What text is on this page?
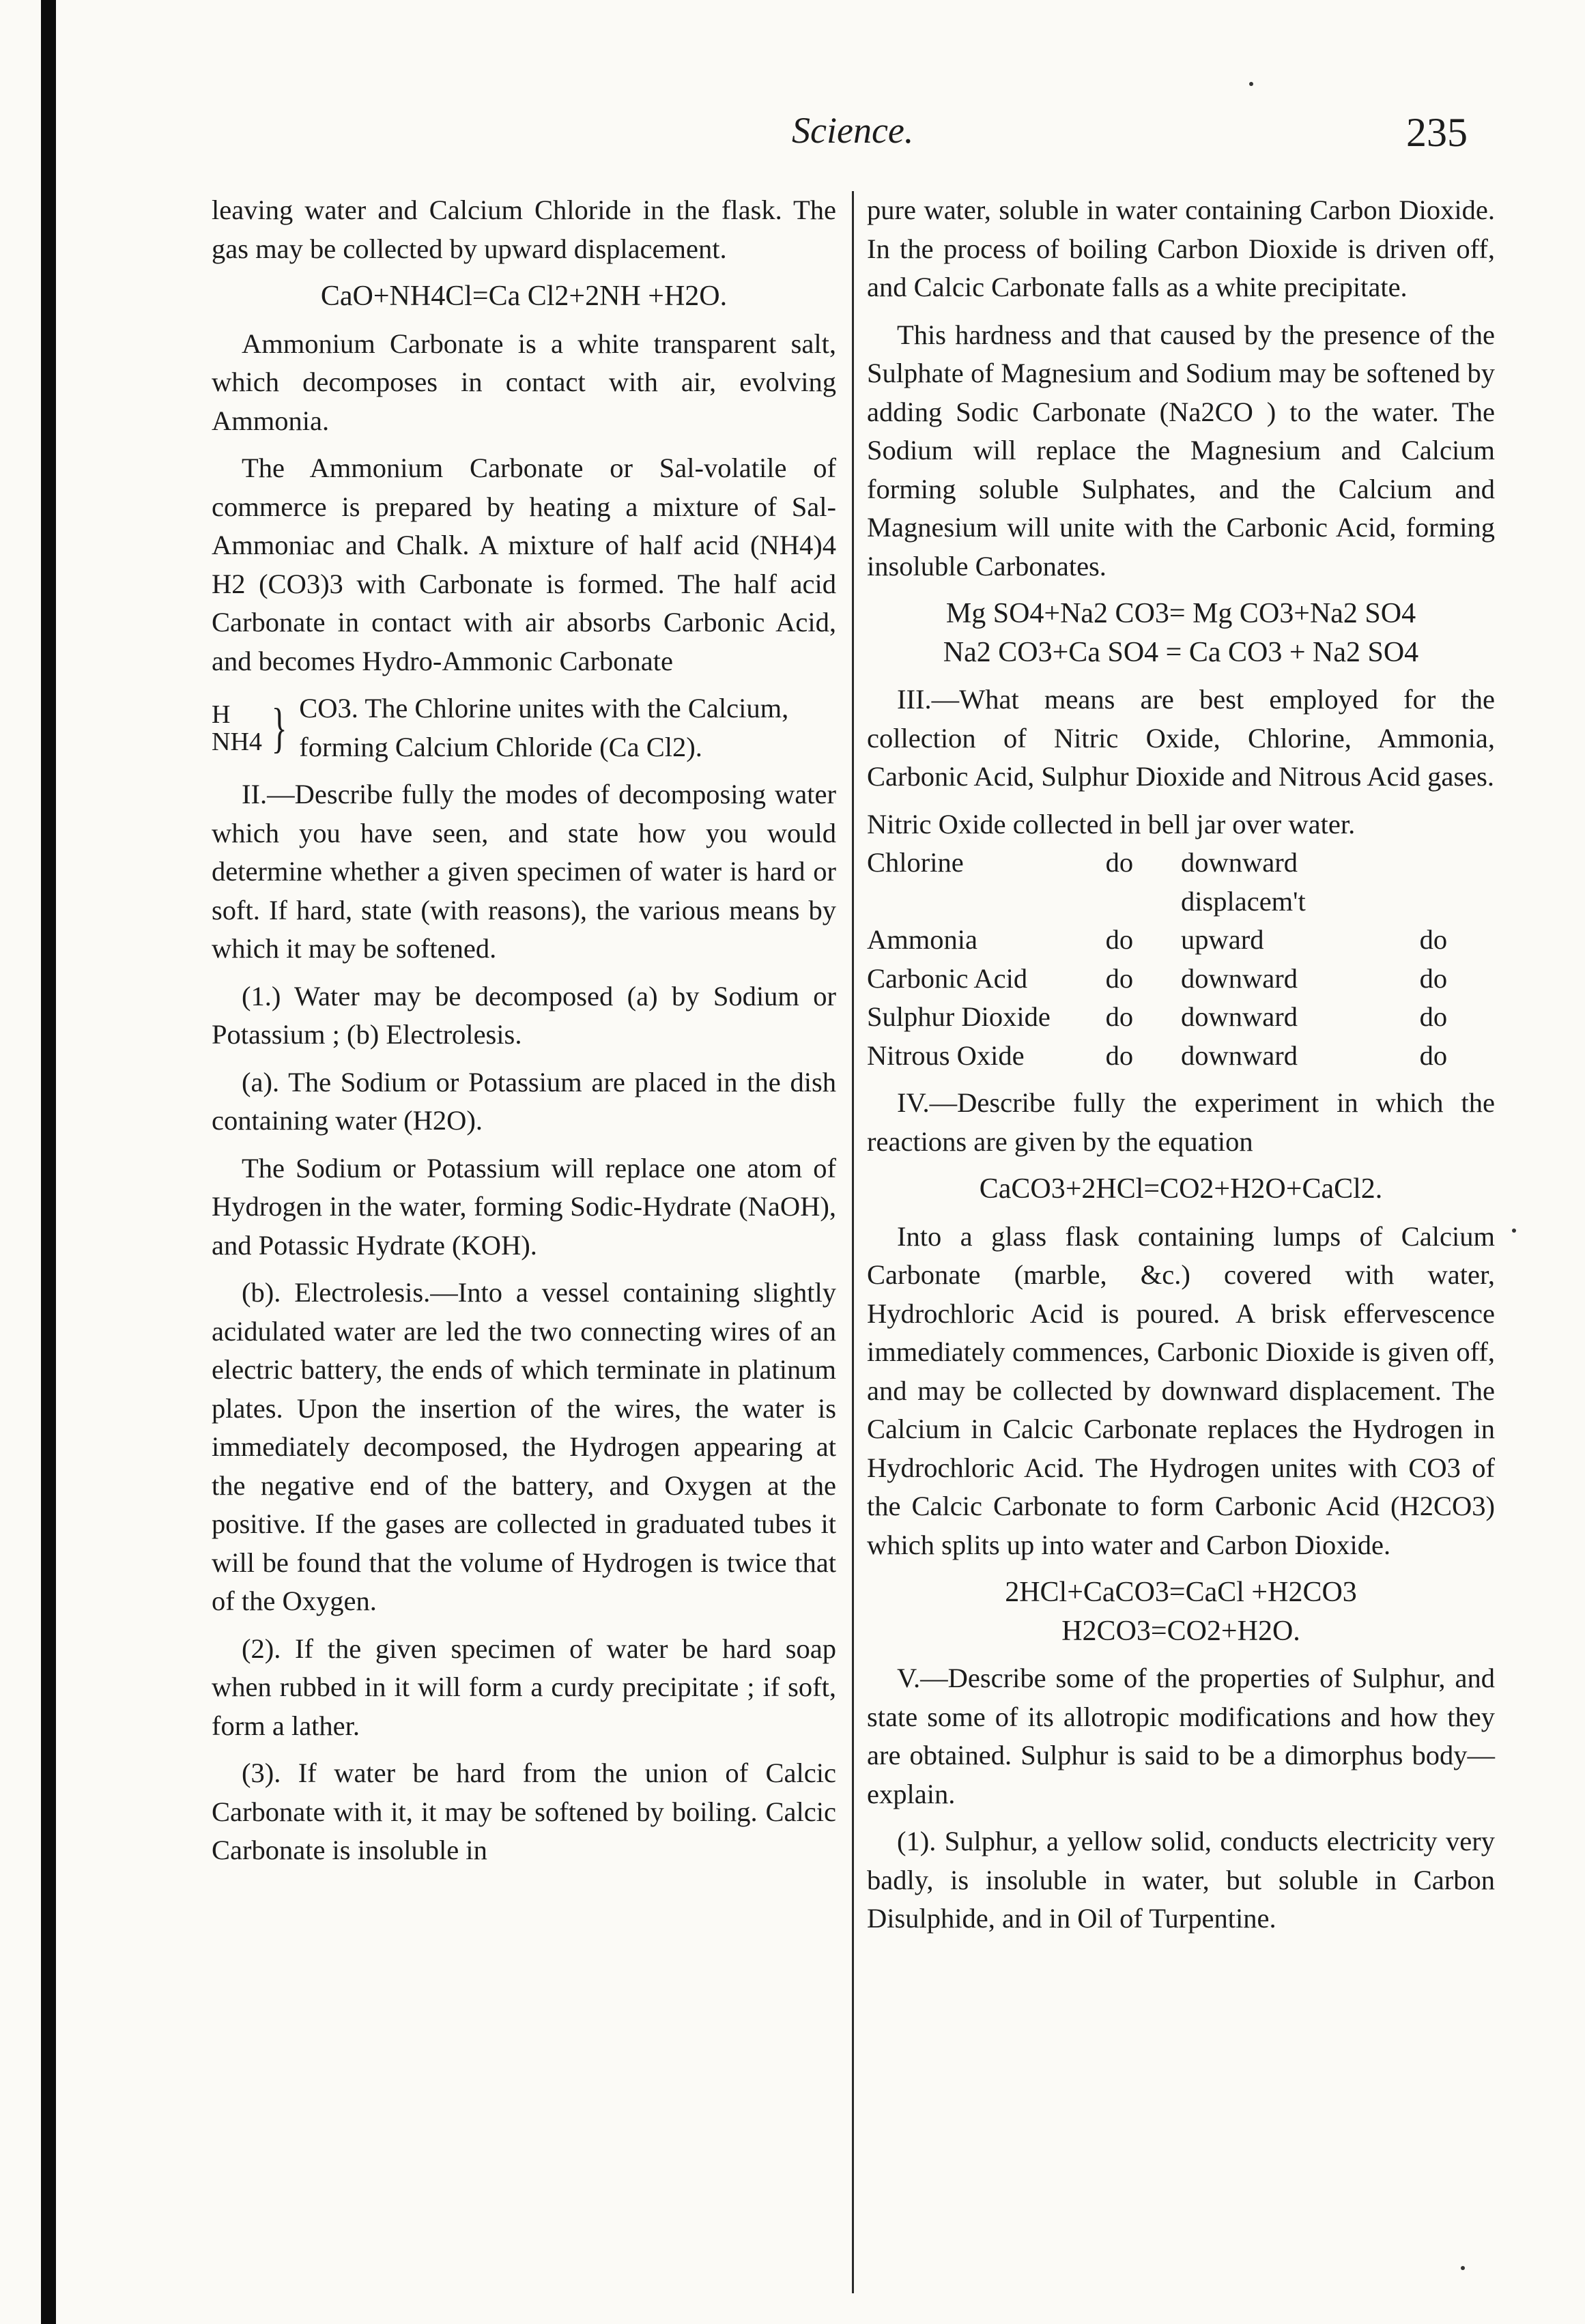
Science.	235

leaving water and Calcium Chloride in the flask. The gas may be collected by upward displacement.

CaO+NH4Cl=Ca Cl2+2NH +H2O.

Ammonium Carbonate is a white transparent salt, which decomposes in contact with air, evolving Ammonia.

The Ammonium Carbonate or Sal-volatile of commerce is prepared by heating a mixture of Sal-Ammoniac and Chalk. A mixture of half acid (NH4)4 H2 (CO3)3 with Carbonate is formed. The half acid Carbonate in contact with air absorbs Carbonic Acid, and becomes Hydro-Ammonic Carbonate

H
NH4 } CO3. The Chlorine unites with the Calcium, forming Calcium Chloride (Ca Cl2).

II.—Describe fully the modes of decomposing water which you have seen, and state how you would determine whether a given specimen of water is hard or soft. If hard, state (with reasons), the various means by which it may be softened.

(1.) Water may be decomposed (a) by Sodium or Potassium ; (b) Electrolesis.

(a). The Sodium or Potassium are placed in the dish containing water (H2O).

The Sodium or Potassium will replace one atom of Hydrogen in the water, forming Sodic-Hydrate (NaOH), and Potassic Hydrate (KOH).

(b). Electrolesis.—Into a vessel containing slightly acidulated water are led the two connecting wires of an electric battery, the ends of which terminate in platinum plates. Upon the insertion of the wires, the water is immediately decomposed, the Hydrogen appearing at the negative end of the battery, and Oxygen at the positive. If the gases are collected in graduated tubes it will be found that the volume of Hydrogen is twice that of the Oxygen.

(2). If the given specimen of water be hard soap when rubbed in it will form a curdy precipitate ; if soft, form a lather.

(3). If water be hard from the union of Calcic Carbonate with it, it may be softened by boiling. Calcic Carbonate is insoluble in

pure water, soluble in water containing Carbon Dioxide. In the process of boiling Carbon Dioxide is driven off, and Calcic Carbonate falls as a white precipitate.

This hardness and that caused by the presence of the Sulphate of Magnesium and Sodium may be softened by adding Sodic Carbonate (Na2CO ) to the water. The Sodium will replace the Magnesium and Calcium forming soluble Sulphates, and the Calcium and Magnesium will unite with the Carbonic Acid, forming insoluble Carbonates.

Mg SO4+Na2 CO3= Mg CO3+Na2 SO4

Na2 CO3+Ca SO4 = Ca CO3 + Na2 SO4

III.—What means are best employed for the collection of Nitric Oxide, Chlorine, Ammonia, Carbonic Acid, Sulphur Dioxide and Nitrous Acid gases.

Nitric Oxide collected in bell jar over water.

Chlorine	do	downward displacem't	
Ammonia	do	upward	do
Carbonic Acid	do	downward	do
Sulphur Dioxide	do	downward	do
Nitrous Oxide	do	downward	do

IV.—Describe fully the experiment in which the reactions are given by the equation

CaCO3+2HCl=CO2+H2O+CaCl2.

Into a glass flask containing lumps of Calcium Carbonate (marble, &c.) covered with water, Hydrochloric Acid is poured. A brisk effervescence immediately commences, Carbonic Dioxide is given off, and may be collected by downward displacement. The Calcium in Calcic Carbonate replaces the Hydrogen in Hydrochloric Acid. The Hydrogen unites with CO3 of the Calcic Carbonate to form Carbonic Acid (H2CO3) which splits up into water and Carbon Dioxide.

2HCl+CaCO3=CaCl +H2CO3

H2CO3=CO2+H2O.

V.—Describe some of the properties of Sulphur, and state some of its allotropic modifications and how they are obtained. Sulphur is said to be a dimorphus body—explain.

(1). Sulphur, a yellow solid, conducts electricity very badly, is insoluble in water, but soluble in Carbon Disulphide, and in Oil of Turpentine.
